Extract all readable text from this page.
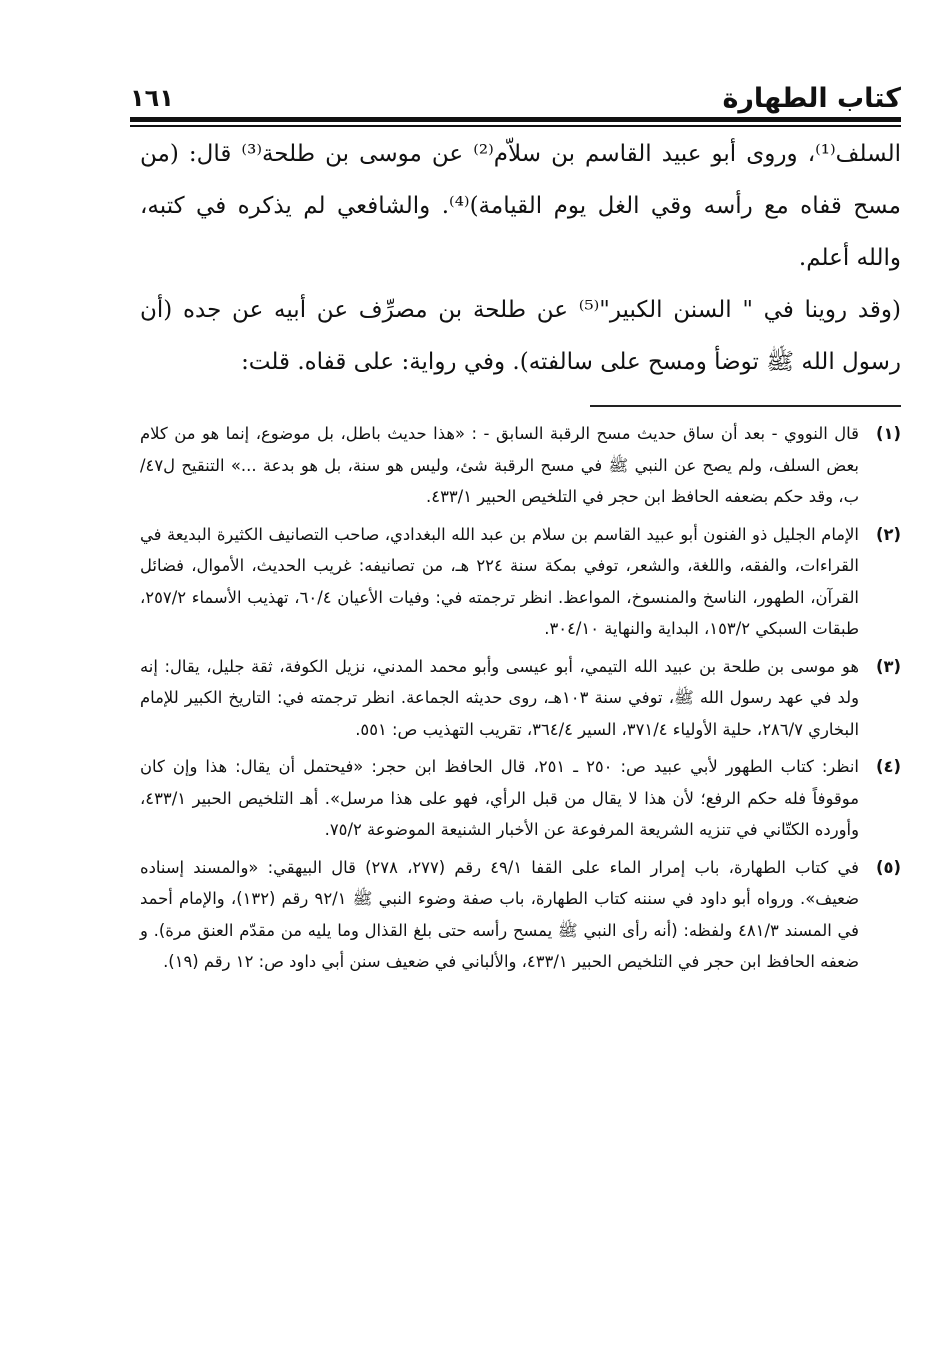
كتاب الطهارة
١٦١

السلف⁽¹⁾، وروى أبو عبيد القاسم بن سلاّم⁽²⁾ عن موسى بن طلحة⁽³⁾ قال: (من مسح قفاه مع رأسه وقي الغل يوم القيامة)⁽⁴⁾. والشافعي لم يذكره في كتبه، والله أعلم.

(وقد روينا في " السنن الكبير"⁽⁵⁾ عن طلحة بن مصرِّف عن أبيه عن جده (أن رسول الله ﷺ توضأ ومسح على سالفته). وفي رواية: على قفاه. قلت:

(١)
قال النووي - بعد أن ساق حديث مسح الرقبة السابق - : «هذا حديث باطل، بل موضوع، إنما هو من كلام بعض السلف، ولم يصح عن النبي ﷺ في مسح الرقبة شئ، وليس هو سنة، بل هو بدعة ...» التنقيح ل٤٧/ب، وقد حكم بضعفه الحافظ ابن حجر في التلخيص الحبير ٤٣٣/١.
(٢)
الإمام الجليل ذو الفنون أبو عبيد القاسم بن سلام بن عبد الله البغدادي، صاحب التصانيف الكثيرة البديعة في القراءات، والفقه، واللغة، والشعر، توفي بمكة سنة ٢٢٤ هـ، من تصانيفه: غريب الحديث، الأموال، فضائل القرآن، الطهور، الناسخ والمنسوخ، المواعظ. انظر ترجمته في: وفيات الأعيان ٦٠/٤، تهذيب الأسماء ٢٥٧/٢، طبقات السبكي ١٥٣/٢، البداية والنهاية ٣٠٤/١٠.
(٣)
هو موسى بن طلحة بن عبيد الله التيمي، أبو عيسى وأبو محمد المدني، نزيل الكوفة، ثقة جليل، يقال: إنه ولد في عهد رسول الله ﷺ، توفي سنة ١٠٣هـ، روى حديثه الجماعة. انظر ترجمته في: التاريخ الكبير للإمام البخاري ٢٨٦/٧، حلية الأولياء ٣٧١/٤، السير ٣٦٤/٤، تقريب التهذيب ص: ٥٥١.
(٤)
انظر: كتاب الطهور لأبي عبيد ص: ٢٥٠ ـ ٢٥١، قال الحافظ ابن حجر: «فيحتمل أن يقال: هذا وإن كان موقوفاً فله حكم الرفع؛ لأن هذا لا يقال من قبل الرأي، فهو على هذا مرسل». أهـ التلخيص الحبير ٤٣٣/١، وأورده الكتّاني في تنزيه الشريعة المرفوعة عن الأخبار الشنيعة الموضوعة ٧٥/٢.
(٥)
في كتاب الطهارة، باب إمرار الماء على القفا ٤٩/١ رقم (٢٧٧، ٢٧٨) قال البيهقي: «والمسند إسناده ضعيف». ورواه أبو داود في سننه كتاب الطهارة، باب صفة وضوء النبي ﷺ ٩٢/١ رقم (١٣٢)، والإمام أحمد في المسند ٤٨١/٣ ولفظه: (أنه رأى النبي ﷺ يمسح رأسه حتى بلغ القذال وما يليه من مقدّم العنق مرة). و ضعفه الحافظ ابن حجر في التلخيص الحبير ٤٣٣/١، والألباني في ضعيف سنن أبي داود ص: ١٢ رقم (١٩).
